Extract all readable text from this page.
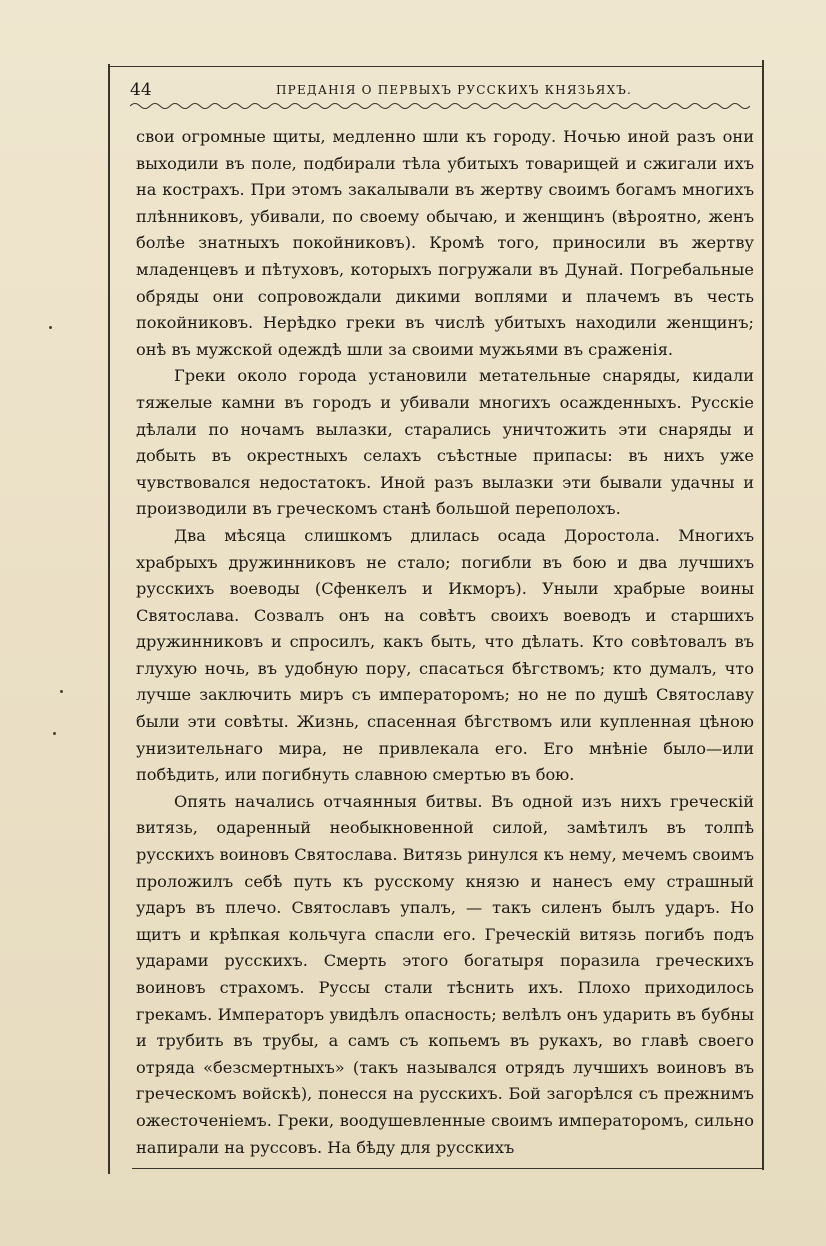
44	ПРЕДАНІЯ О ПЕРВЫХЪ РУССКИХЪ КНЯЗЬЯХЪ.

свои огромные щиты, медленно шли къ городу. Ночью иной разъ они выходили въ поле, подбирали тѣла убитыхъ товарищей и сжигали ихъ на кострахъ. При этомъ закалывали въ жертву своимъ богамъ многихъ плѣнниковъ, убивали, по своему обычаю, и женщинъ (вѣроятно, женъ болѣе знатныхъ покойниковъ). Кромѣ того, приносили въ жертву младенцевъ и пѣтуховъ, которыхъ погружали въ Дунай. Погребальные обряды они сопровождали дикими воплями и плачемъ въ честь покойниковъ. Нерѣдко греки въ числѣ убитыхъ находили женщинъ; онѣ въ мужской одеждѣ шли за своими мужьями въ сраженія.

Греки около города установили метательные снаряды, кидали тяжелые камни въ городъ и убивали многихъ осажденныхъ. Русскіе дѣлали по ночамъ вылазки, старались уничтожить эти снаряды и добыть въ окрестныхъ селахъ съѣстные припасы: въ нихъ уже чувствовался недостатокъ. Иной разъ вылазки эти бывали удачны и производили въ греческомъ станѣ большой переполохъ.

Два мѣсяца слишкомъ длилась осада Доростола. Многихъ храбрыхъ дружинниковъ не стало; погибли въ бою и два лучшихъ русскихъ воеводы (Сфенкелъ и Икморъ). Уныли храбрые воины Святослава. Созвалъ онъ на совѣтъ своихъ воеводъ и старшихъ дружинниковъ и спросилъ, какъ быть, что дѣлать. Кто совѣтовалъ въ глухую ночь, въ удобную пору, спасаться бѣгствомъ; кто думалъ, что лучше заключить миръ съ императоромъ; но не по душѣ Святославу были эти совѣты. Жизнь, спасенная бѣгствомъ или купленная цѣною унизительнаго мира, не привлекала его. Его мнѣніе было—или побѣдить, или погибнуть славною смертью въ бою.

Опять начались отчаянныя битвы. Въ одной изъ нихъ греческій витязь, одаренный необыкновенной силой, замѣтилъ въ толпѣ русскихъ воиновъ Святослава. Витязь ринулся къ нему, мечемъ своимъ проложилъ себѣ путь къ русскому князю и нанесъ ему страшный ударъ въ плечо. Святославъ упалъ, — такъ силенъ былъ ударъ. Но щитъ и крѣпкая кольчуга спасли его. Греческій витязь погибъ подъ ударами русскихъ. Смерть этого богатыря поразила греческихъ воиновъ страхомъ. Руссы стали тѣснить ихъ. Плохо приходилось грекамъ. Императоръ увидѣлъ опасность; велѣлъ онъ ударить въ бубны и трубить въ трубы, а самъ съ копьемъ въ рукахъ, во главѣ своего отряда «безсмертныхъ» (такъ назывался отрядъ лучшихъ воиновъ въ греческомъ войскѣ), понесся на русскихъ. Бой загорѣлся съ прежнимъ ожесточеніемъ. Греки, воодушевленные своимъ императоромъ, сильно напирали на руссовъ. На бѣду для русскихъ
